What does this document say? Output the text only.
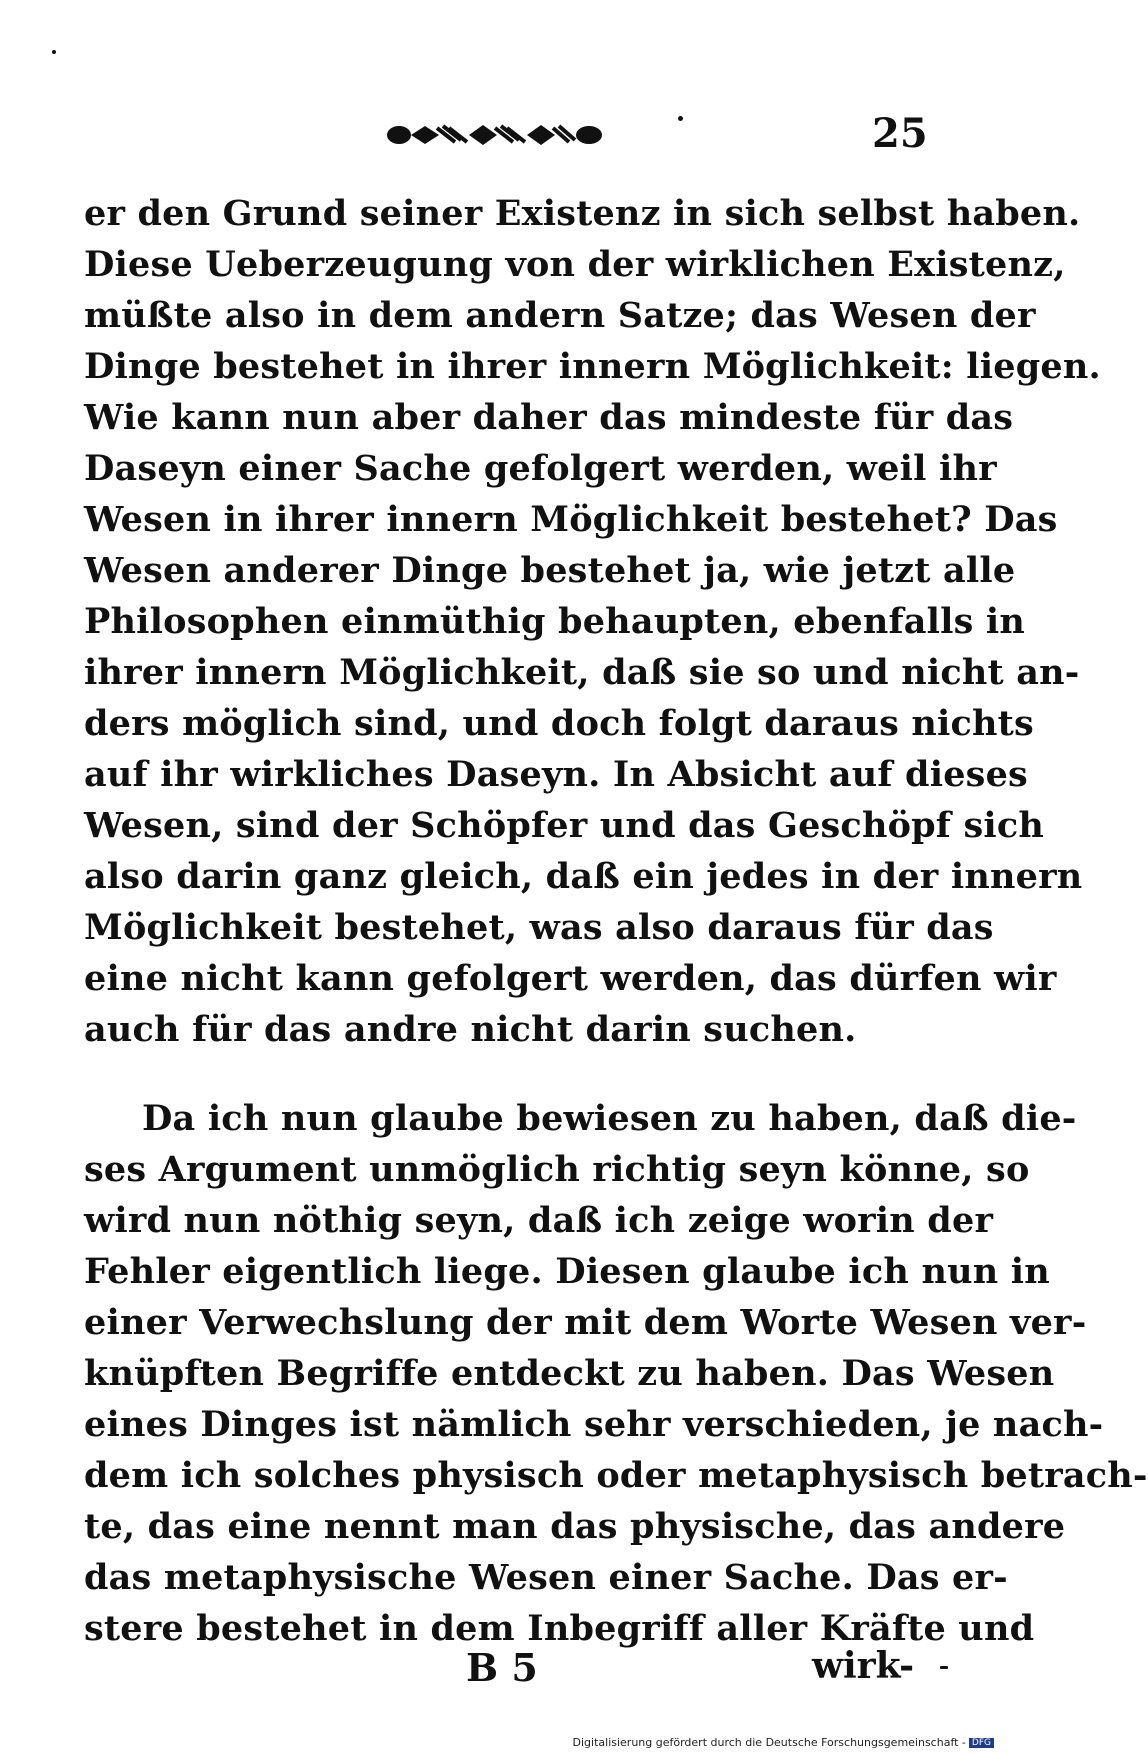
25
er den Grund seiner Existenz in sich selbst haben.
Diese Ueberzeugung von der wirklichen Existenz,
müßte also in dem andern Satze; das Wesen der
Dinge bestehet in ihrer innern Möglichkeit: liegen.
Wie kann nun aber daher das mindeste für das
Daseyn einer Sache gefolgert werden, weil ihr
Wesen in ihrer innern Möglichkeit bestehet? Das
Wesen anderer Dinge bestehet ja, wie jetzt alle
Philosophen einmüthig behaupten, ebenfalls in
ihrer innern Möglichkeit, daß sie so und nicht an-
ders möglich sind, und doch folgt daraus nichts
auf ihr wirkliches Daseyn. In Absicht auf dieses
Wesen, sind der Schöpfer und das Geschöpf sich
also darin ganz gleich, daß ein jedes in der innern
Möglichkeit bestehet, was also daraus für das
eine nicht kann gefolgert werden, das dürfen wir
auch für das andre nicht darin suchen.
Da ich nun glaube bewiesen zu haben, daß die-
ses Argument unmöglich richtig seyn könne, so
wird nun nöthig seyn, daß ich zeige worin der
Fehler eigentlich liege. Diesen glaube ich nun in
einer Verwechslung der mit dem Worte Wesen ver-
knüpften Begriffe entdeckt zu haben. Das Wesen
eines Dinges ist nämlich sehr verschieden, je nach-
dem ich solches physisch oder metaphysisch betrach-
te, das eine nennt man das physische, das andere
das metaphysische Wesen einer Sache. Das er-
stere bestehet in dem Inbegriff aller Kräfte und
B 5	wirk-
Digitalisierung gefördert durch die Deutsche Forschungsgemeinschaft - DFG
